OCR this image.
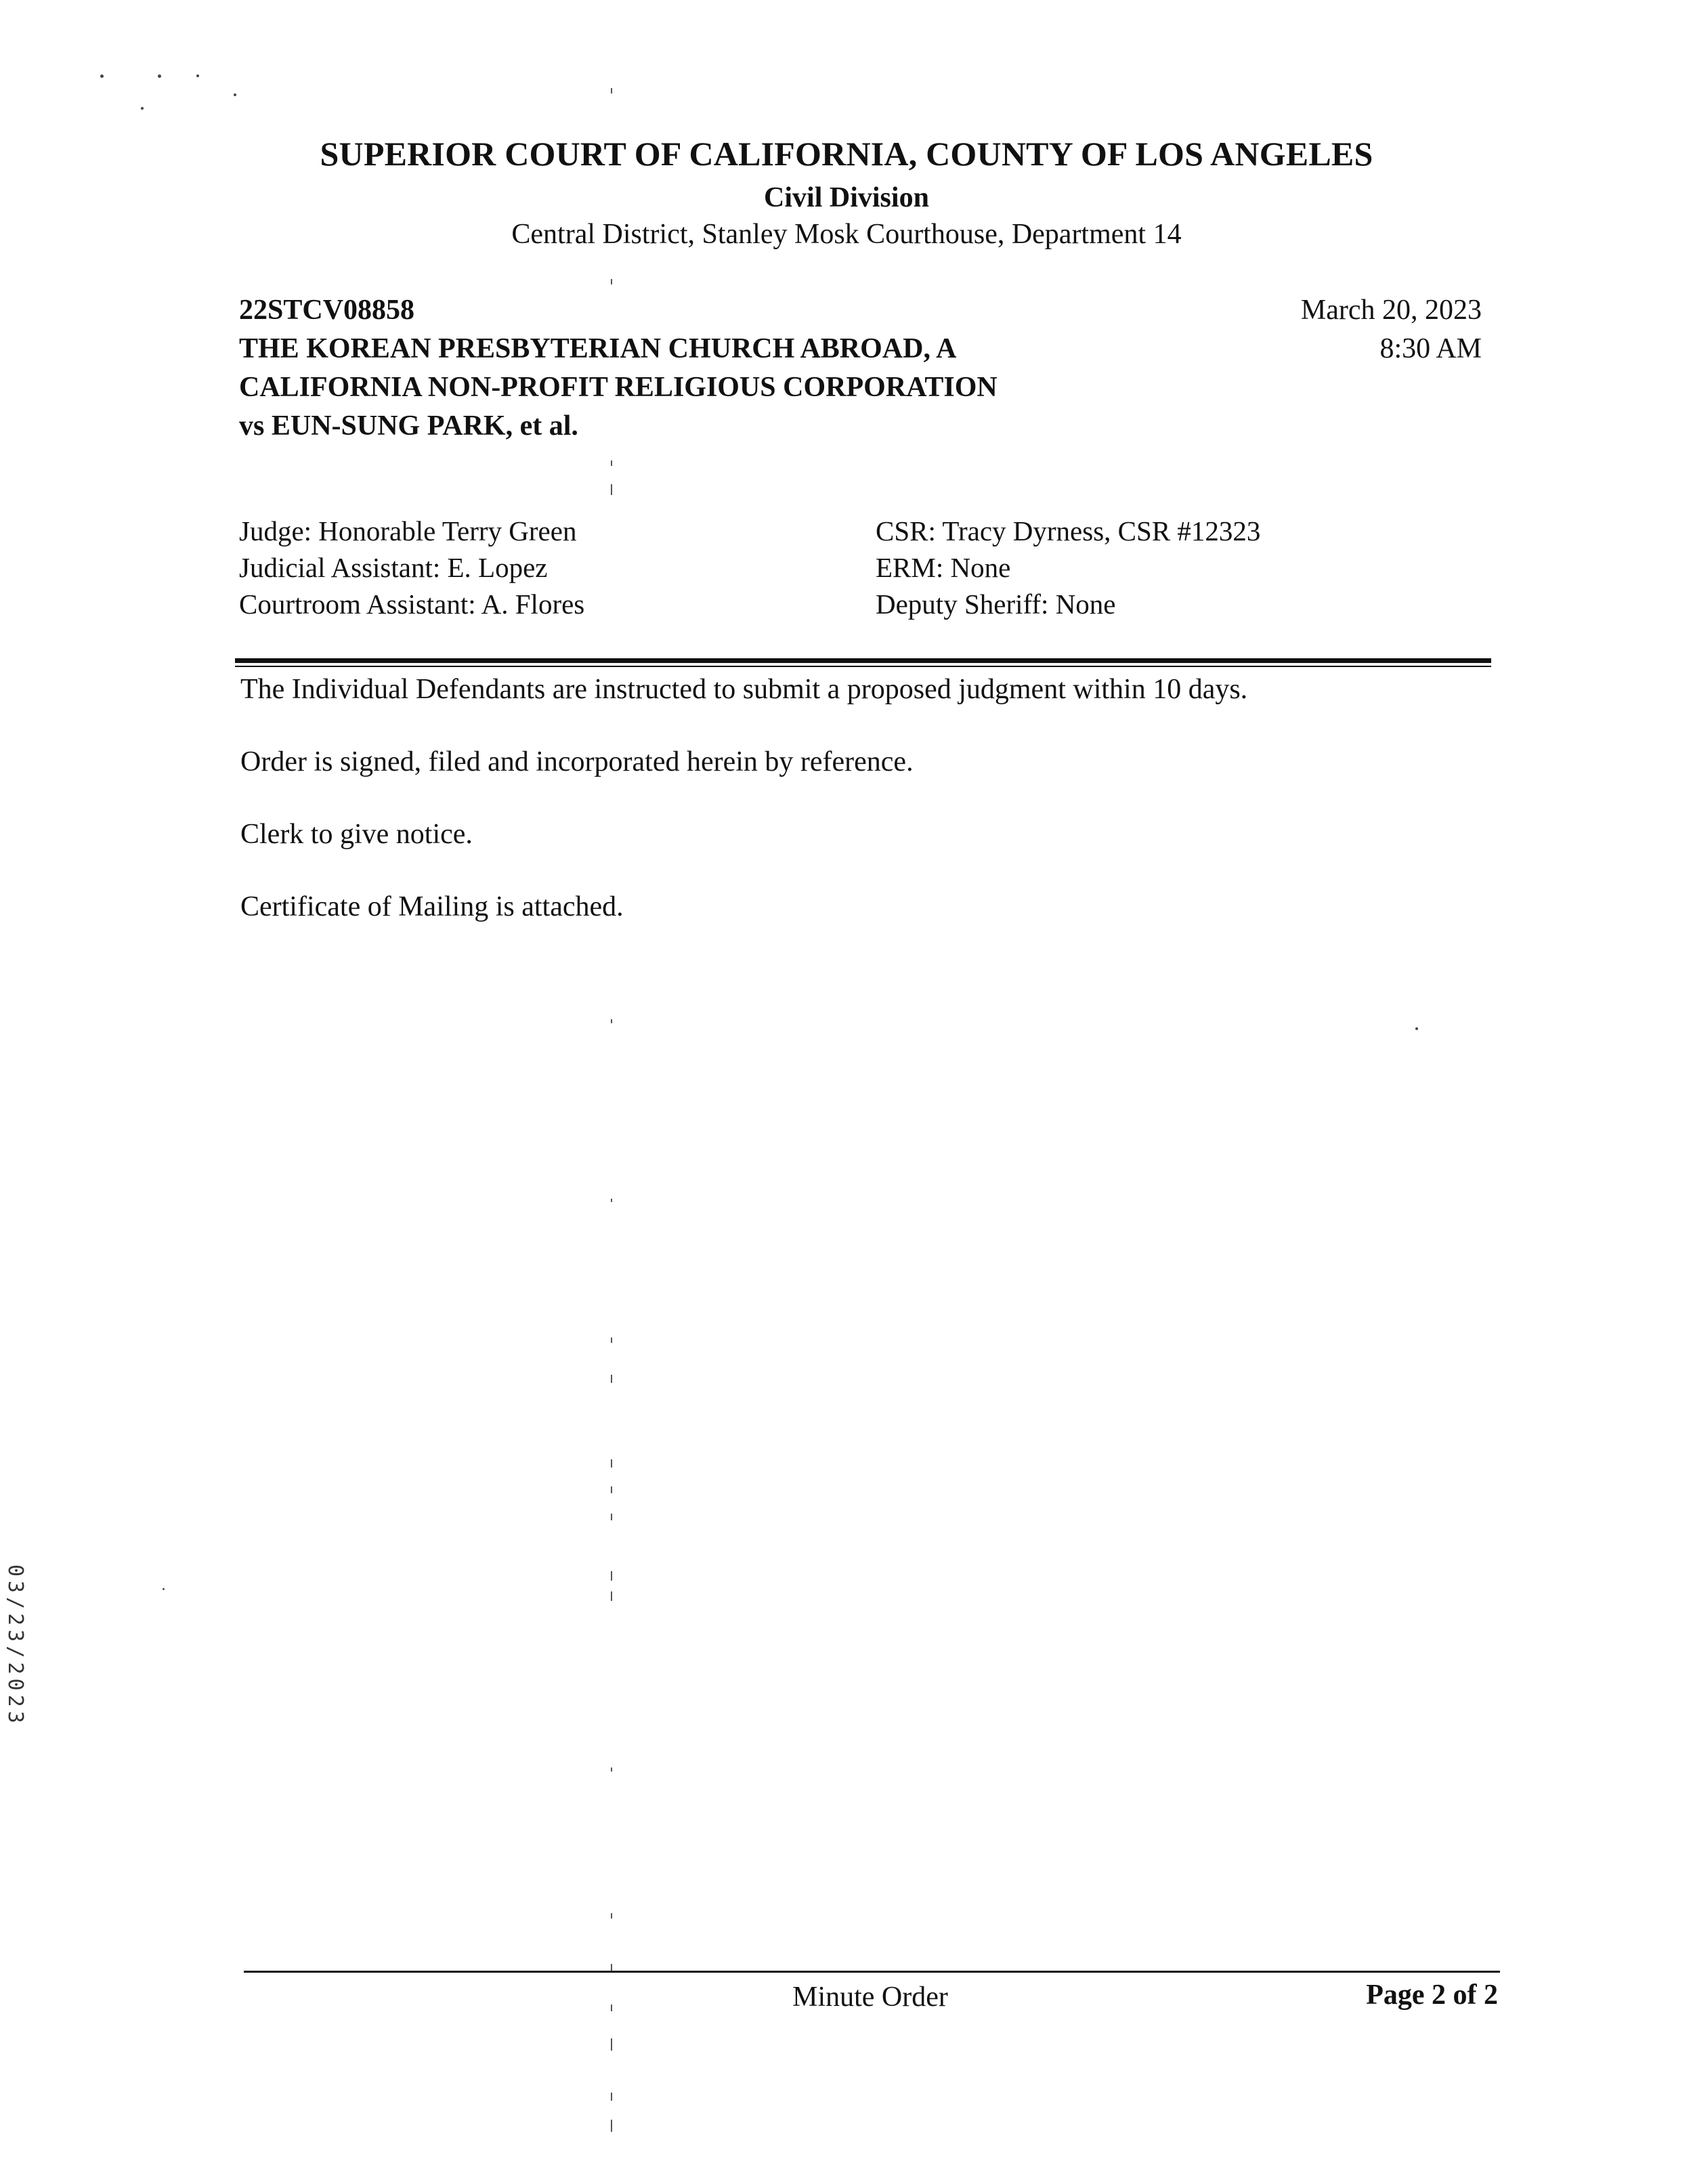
SUPERIOR COURT OF CALIFORNIA, COUNTY OF LOS ANGELES
Civil Division
Central District, Stanley Mosk Courthouse, Department 14
22STCV08858
THE KOREAN PRESBYTERIAN CHURCH ABROAD, A
CALIFORNIA NON-PROFIT RELIGIOUS CORPORATION
vs EUN-SUNG PARK, et al.
March 20, 2023
8:30 AM
Judge: Honorable Terry Green
Judicial Assistant: E. Lopez
Courtroom Assistant: A. Flores
CSR: Tracy Dyrness, CSR #12323
ERM: None
Deputy Sheriff: None

The Individual Defendants are instructed to submit a proposed judgment within 10 days.

Order is signed, filed and incorporated herein by reference.

Clerk to give notice.

Certificate of Mailing is attached.

Minute Order	Page 2 of 2
03/23/2023
